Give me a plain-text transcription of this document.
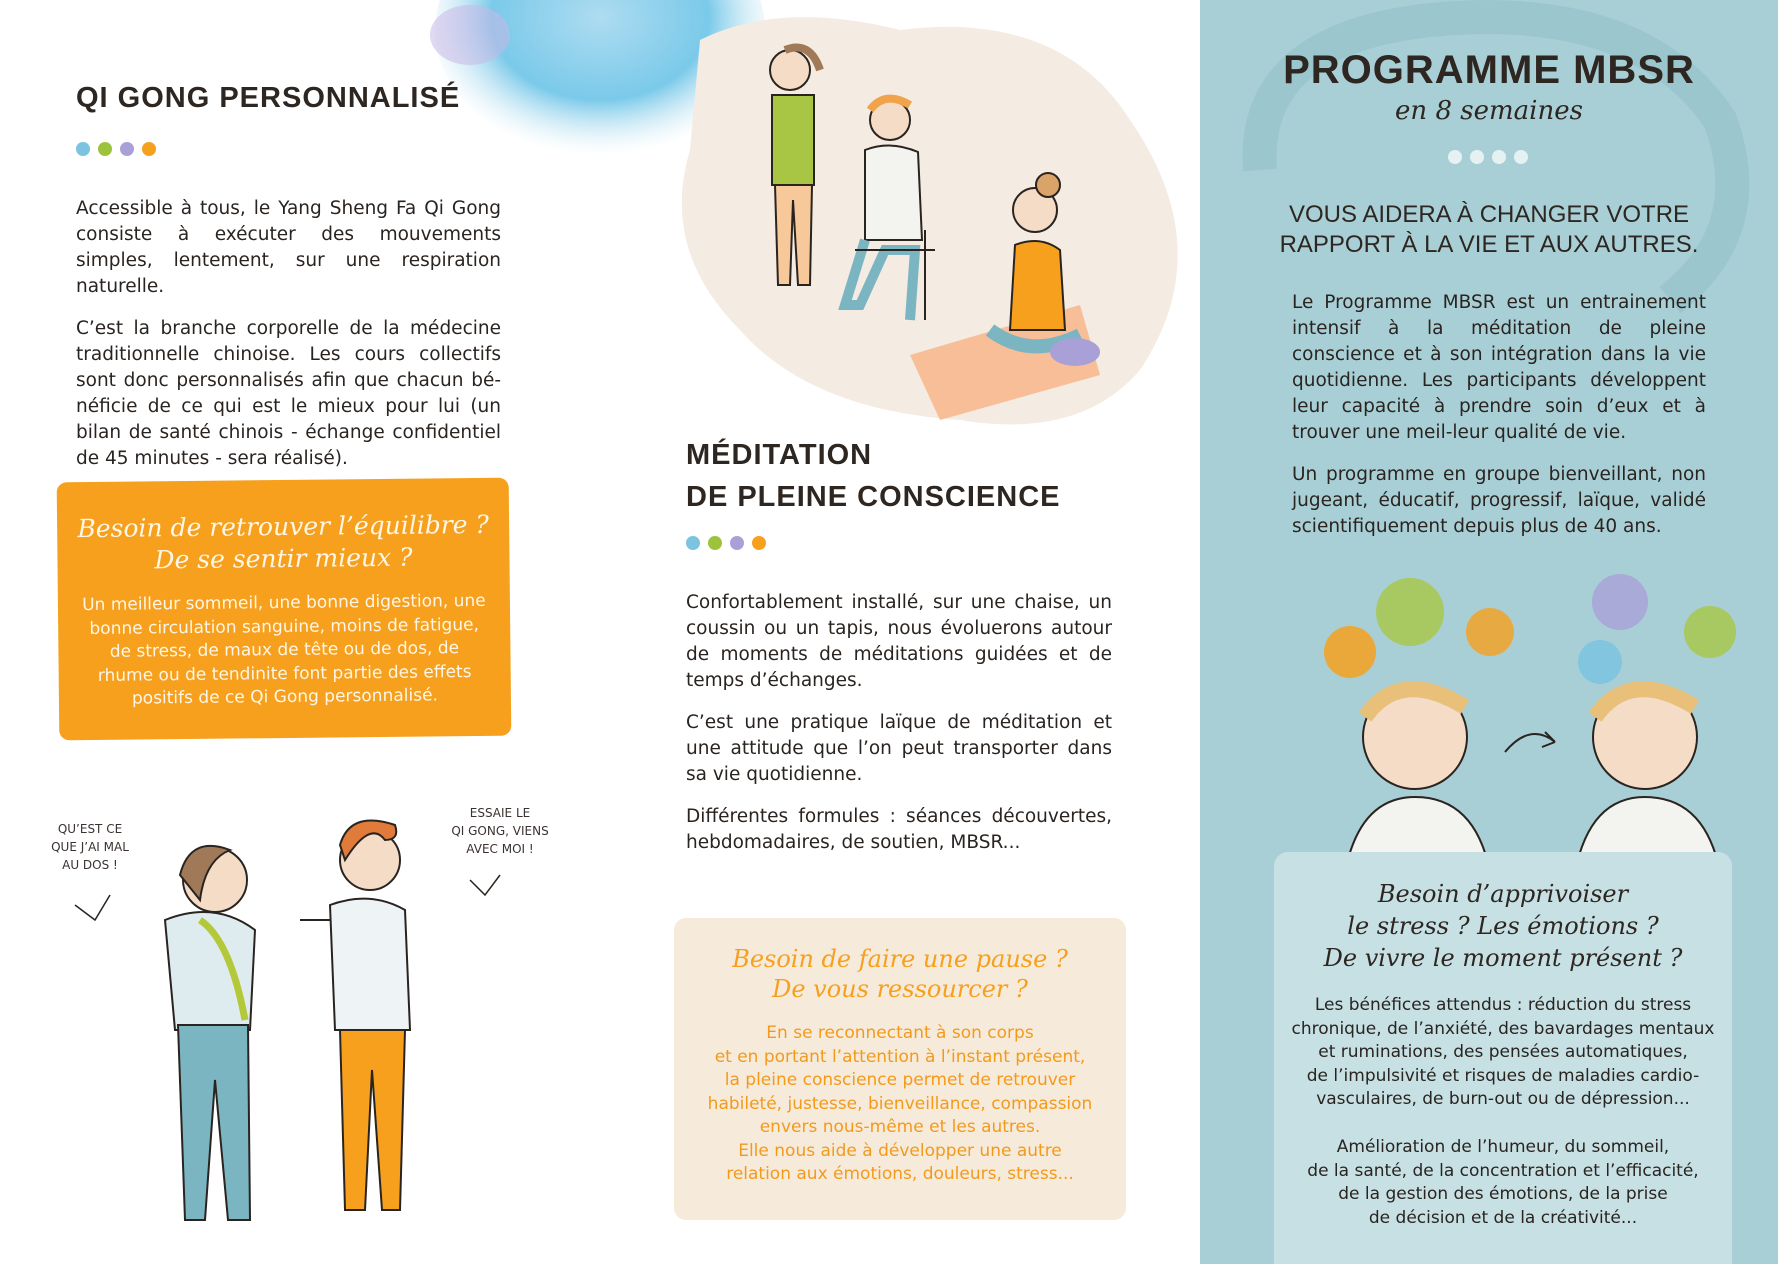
QI GONG PERSONNALISÉ

Accessible à tous, le Yang Sheng Fa Qi Gong consiste à exécuter des mouvements simples, lentement, sur une respiration naturelle.

C’est la branche corporelle de la médecine traditionnelle chinoise. Les cours collectifs sont donc personnalisés afin que chacun bé-néficie de ce qui est le mieux pour lui (un bilan de santé chinois - échange confidentiel de 45 minutes - sera réalisé).

Besoin de retrouver l’équilibre ?

De se sentir mieux ?

Un meilleur sommeil, une bonne digestion, une bonne circulation sanguine, moins de fatigue, de stress, de maux de tête ou de dos, de rhume ou de tendinite font partie des effets positifs de ce Qi Gong personnalisé.

QU’EST CE
QUE J’AI MAL
AU DOS !
ESSAIE LE
QI GONG, VIENS
AVEC MOI !
MÉDITATION
DE PLEINE CONSCIENCE

Confortablement installé, sur une chaise, un coussin ou un tapis, nous évoluerons autour de moments de méditations guidées et de temps d’échanges.

C’est une pratique laïque de méditation et une attitude que l’on peut transporter dans sa vie quotidienne.

Différentes formules : séances découvertes, hebdomadaires, de soutien, MBSR...

Besoin de faire une pause ?

De vous ressourcer ?

En se reconnectant à son corps

et en portant l’attention à l’instant présent,

la pleine conscience permet de retrouver

habileté, justesse, bienveillance, compassion

envers nous-même et les autres.

Elle nous aide à développer une autre

relation aux émotions, douleurs, stress...

PROGRAMME MBSR

en 8 semaines

VOUS AIDERA À CHANGER VOTRE
RAPPORT À LA VIE ET AUX AUTRES.

Le Programme MBSR est un entrainement intensif à la méditation de pleine conscience et à son intégration dans la vie quotidienne. Les participants développent leur capacité à prendre soin d’eux et à trouver une meil-leur qualité de vie.

Un programme en groupe bienveillant, non jugeant, éducatif, progressif, laïque, validé scientifiquement depuis plus de 40 ans.

Besoin d’apprivoiser

le stress ? Les émotions ?

De vivre le moment présent ?

Les bénéfices attendus : réduction du stress

chronique, de l’anxiété, des bavardages mentaux

et ruminations, des pensées automatiques,

de l’impulsivité et risques de maladies cardio-

vasculaires, de burn-out ou de dépression...

Amélioration de l’humeur, du sommeil,

de la santé, de la concentration et l’efficacité,

de la gestion des émotions, de la prise

de décision et de la créativité...
